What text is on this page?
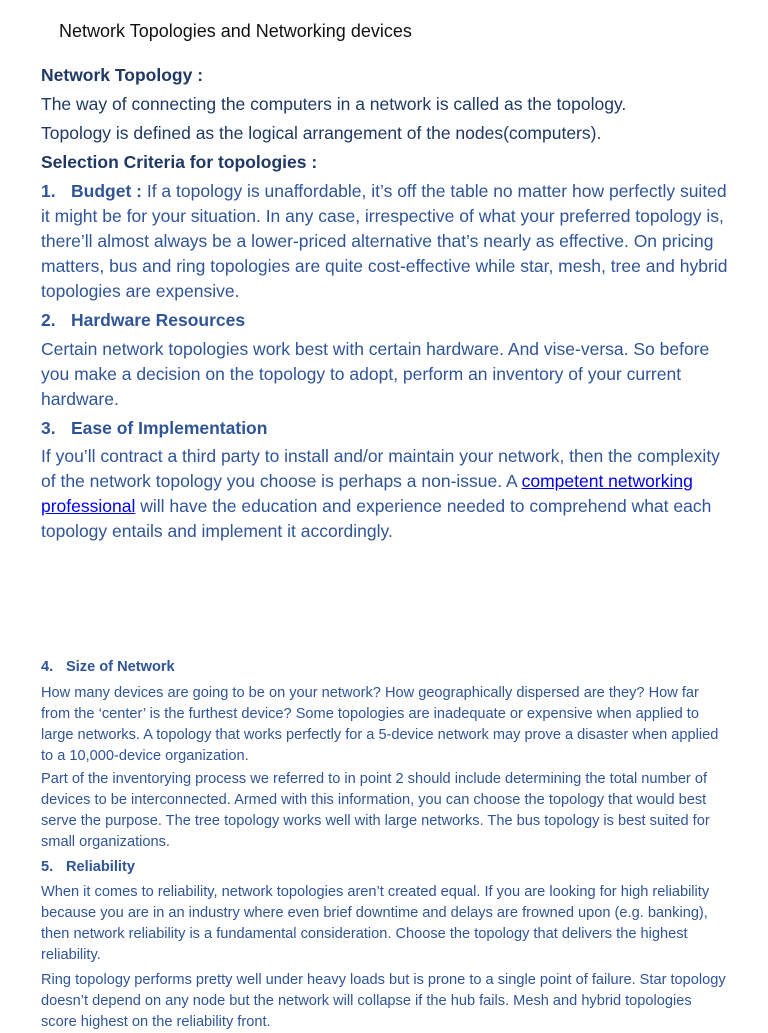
Network Topologies and Networking devices
Network Topology :
The way of connecting the computers in a network is called as the topology.
Topology is defined as the logical arrangement of the nodes(computers).
Selection Criteria for topologies :
1. Budget : If a topology is unaffordable, it’s off the table no matter how perfectly suited it might be for your situation. In any case, irrespective of what your preferred topology is, there’ll almost always be a lower-priced alternative that’s nearly as effective. On pricing matters, bus and ring topologies are quite cost-effective while star, mesh, tree and hybrid topologies are expensive.
2. Hardware Resources
Certain network topologies work best with certain hardware. And vise-versa. So before you make a decision on the topology to adopt, perform an inventory of your current hardware.
3. Ease of Implementation
If you’ll contract a third party to install and/or maintain your network, then the complexity of the network topology you choose is perhaps a non-issue. A competent networking professional will have the education and experience needed to comprehend what each topology entails and implement it accordingly.
4. Size of Network
How many devices are going to be on your network? How geographically dispersed are they? How far from the ‘center’ is the furthest device? Some topologies are inadequate or expensive when applied to large networks. A topology that works perfectly for a 5-device network may prove a disaster when applied to a 10,000-device organization.
Part of the inventorying process we referred to in point 2 should include determining the total number of devices to be interconnected. Armed with this information, you can choose the topology that would best serve the purpose. The tree topology works well with large networks. The bus topology is best suited for small organizations.
5. Reliability
When it comes to reliability, network topologies aren’t created equal. If you are looking for high reliability because you are in an industry where even brief downtime and delays are frowned upon (e.g. banking), then network reliability is a fundamental consideration. Choose the topology that delivers the highest reliability.
Ring topology performs pretty well under heavy loads but is prone to a single point of failure. Star topology doesn’t depend on any node but the network will collapse if the hub fails. Mesh and hybrid topologies score highest on the reliability front.
